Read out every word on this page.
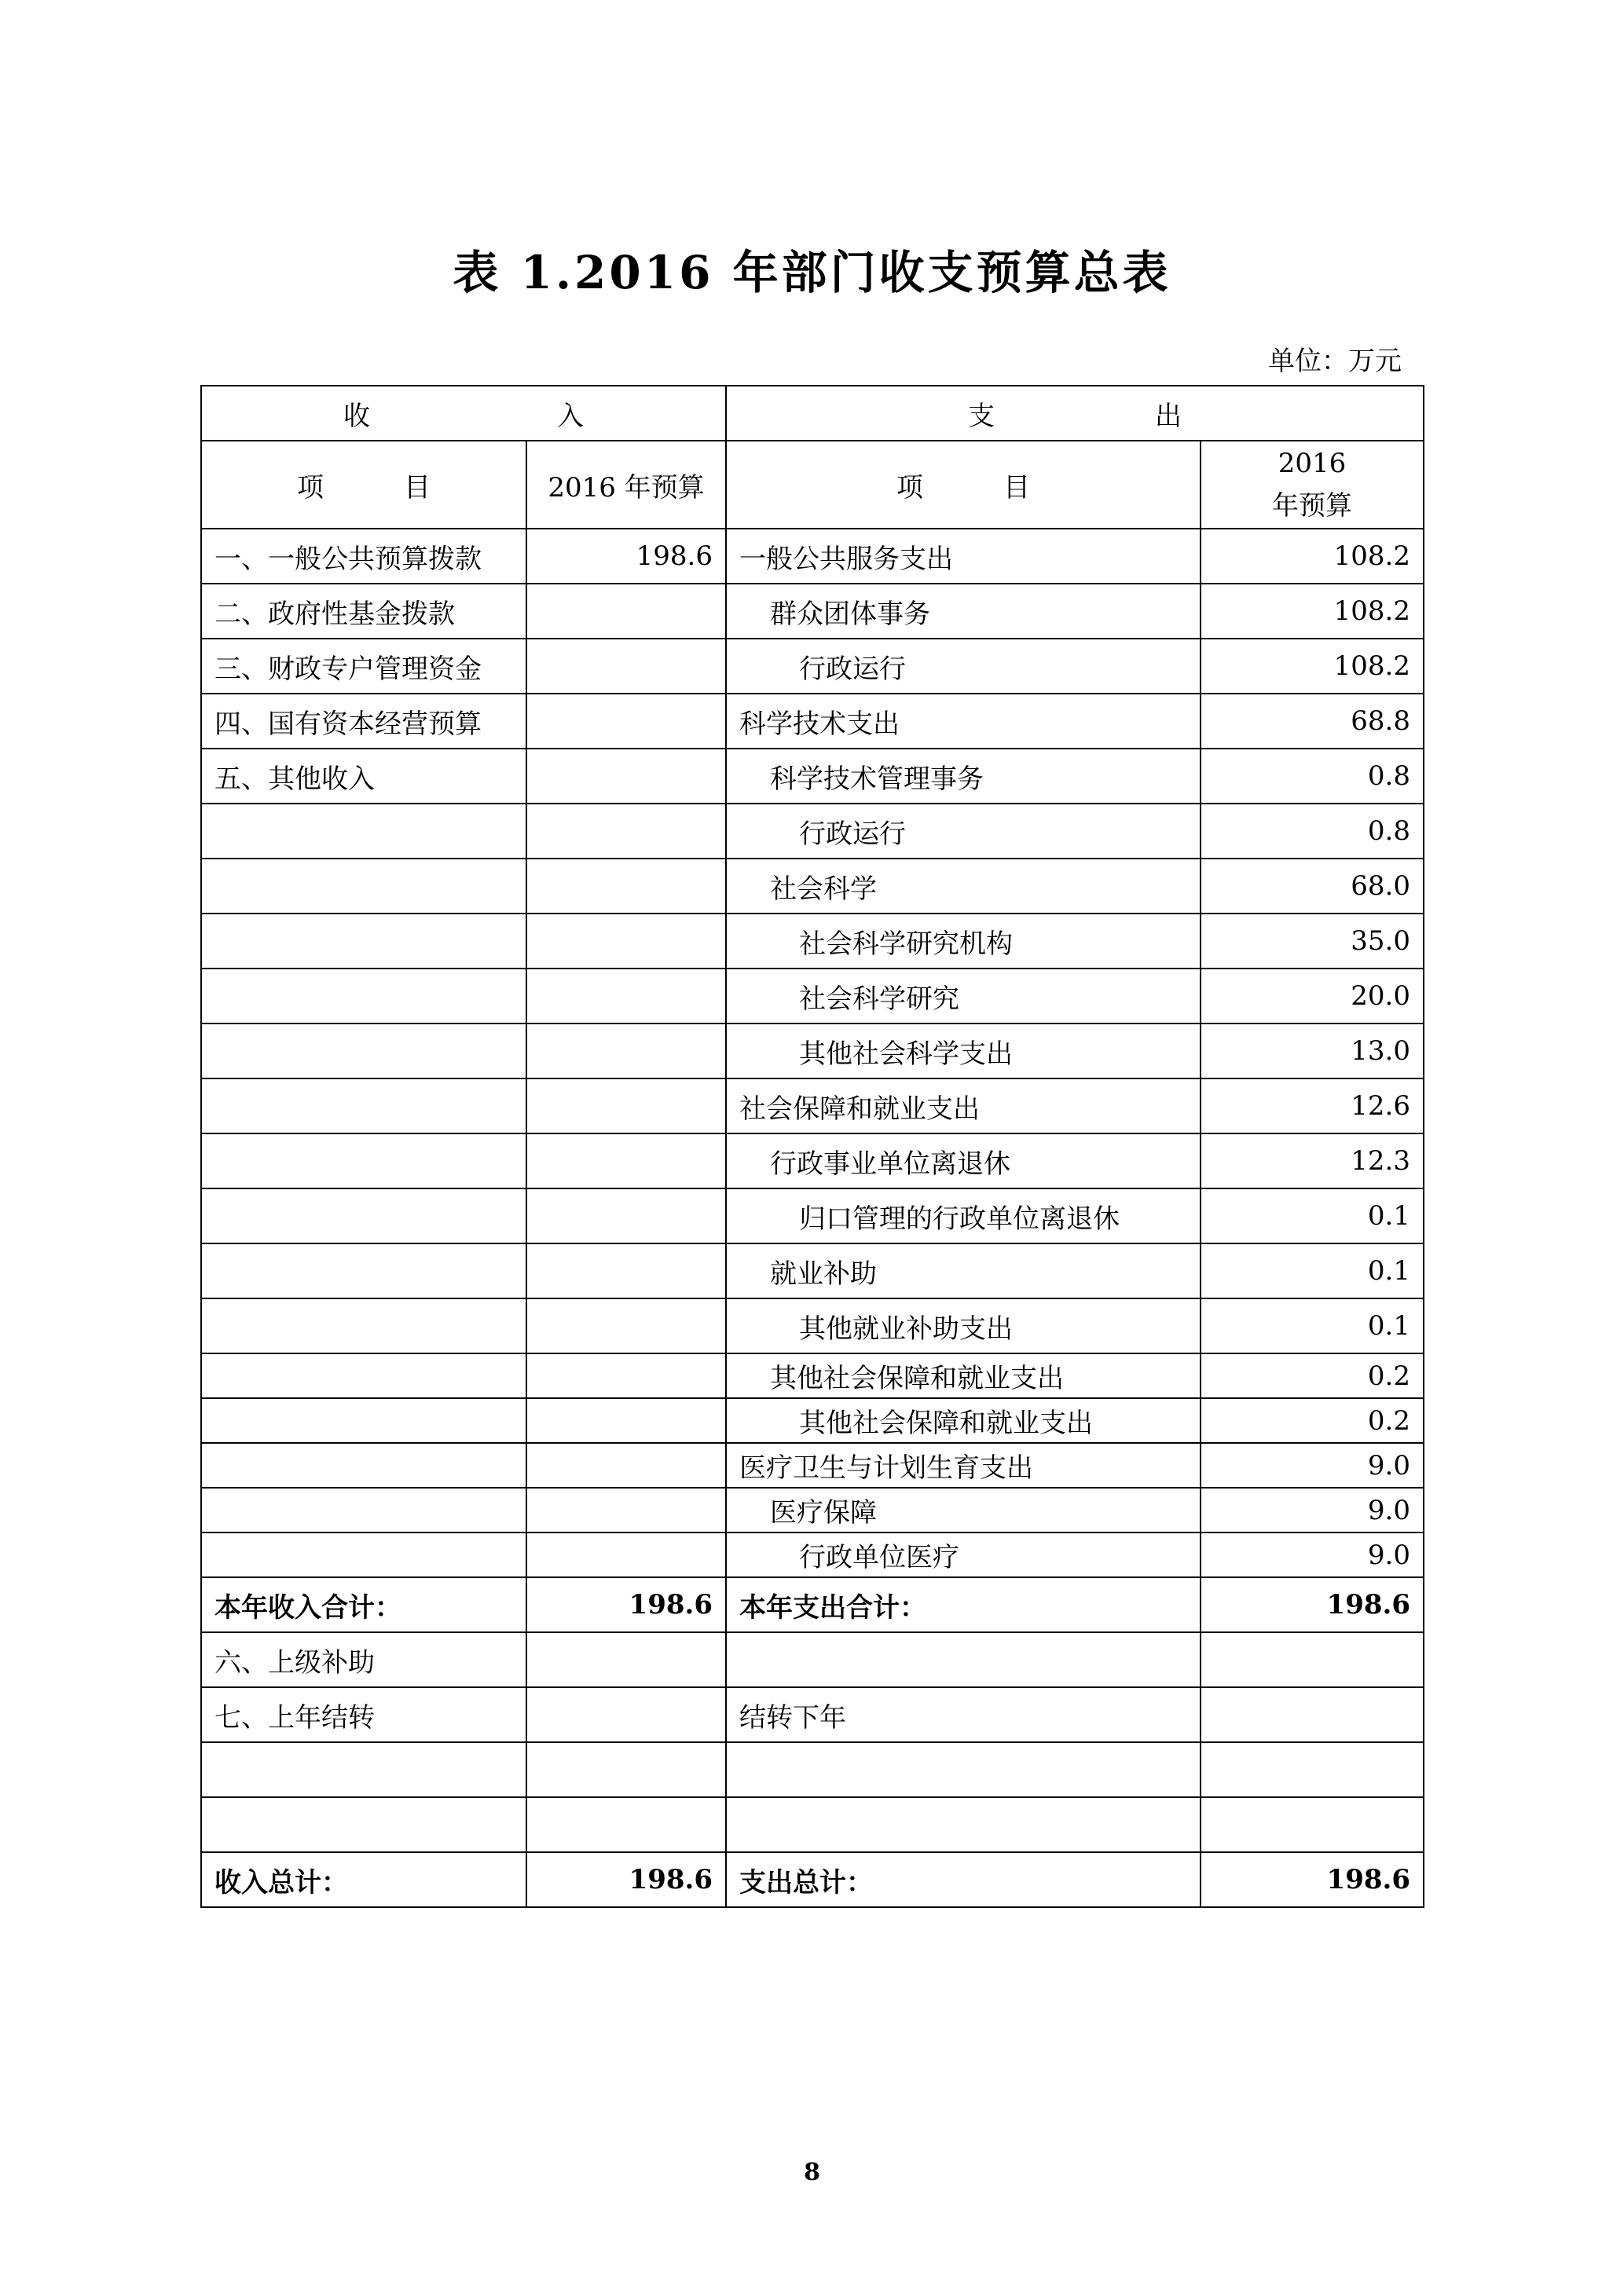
表 1.2016 年部门收支预算总表
单位：万元
收　　　　　　　入		支　　　　　　出	
项　　　目	2016 年预算	项　　　目	2016
年预算

一、一般公共预算拨款	198.6	一般公共服务支出	108.2
二、政府性基金拨款		群众团体事务	108.2
三、财政专户管理资金		行政运行	108.2
四、国有资本经营预算		科学技术支出	68.8
五、其他收入		科学技术管理事务	0.8
		行政运行	0.8
		社会科学	68.0
		社会科学研究机构	35.0
		社会科学研究	20.0
		其他社会科学支出	13.0
		社会保障和就业支出	12.6
		行政事业单位离退休	12.3
		归口管理的行政单位离退休	0.1
		就业补助	0.1
		其他就业补助支出	0.1
		其他社会保障和就业支出	0.2
		其他社会保障和就业支出	0.2
		医疗卫生与计划生育支出	9.0
		医疗保障	9.0
		行政单位医疗	9.0
本年收入合计：	198.6	本年支出合计：	198.6
六、上级补助			
七、上年结转		结转下年	

收入总计：	198.6	支出总计：	198.6
8
